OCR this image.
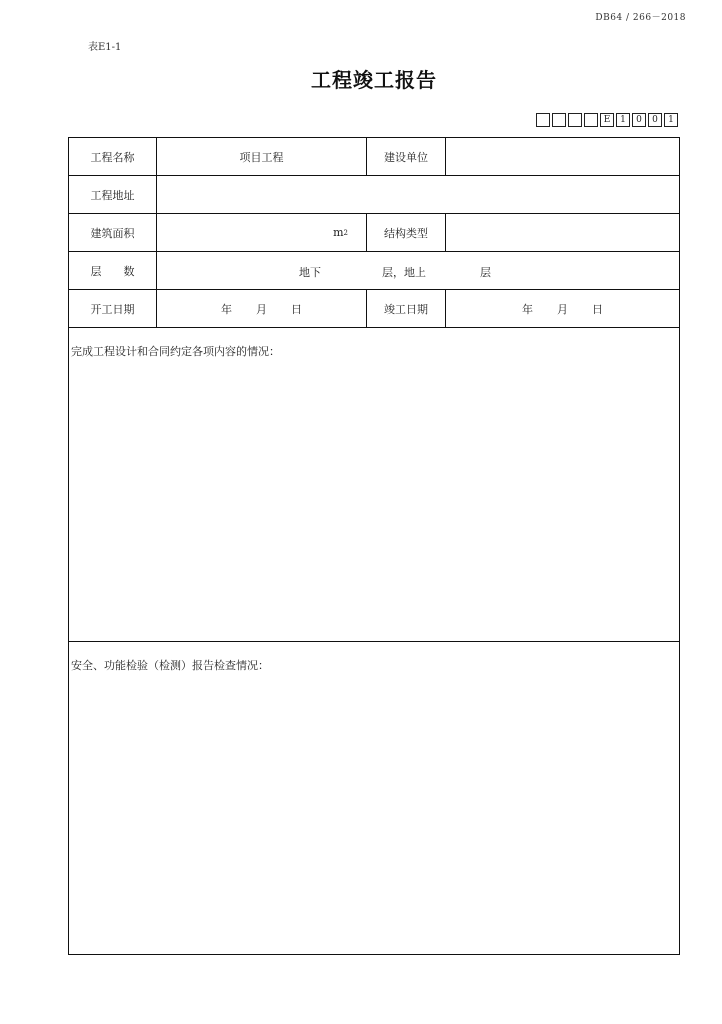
DB64 / 266－2018
表E1-1
工程竣工报告
E	1	0	0	1
工程名称	项目工程	建设单位
工程地址
建筑面积	m 2	结构类型
层　　数	地下	层，地上	层
开工日期	年 月 日	竣工日期	年 月 日
完成工程设计和合同约定各项内容的情况：
安全、功能检验（检测）报告检查情况：
